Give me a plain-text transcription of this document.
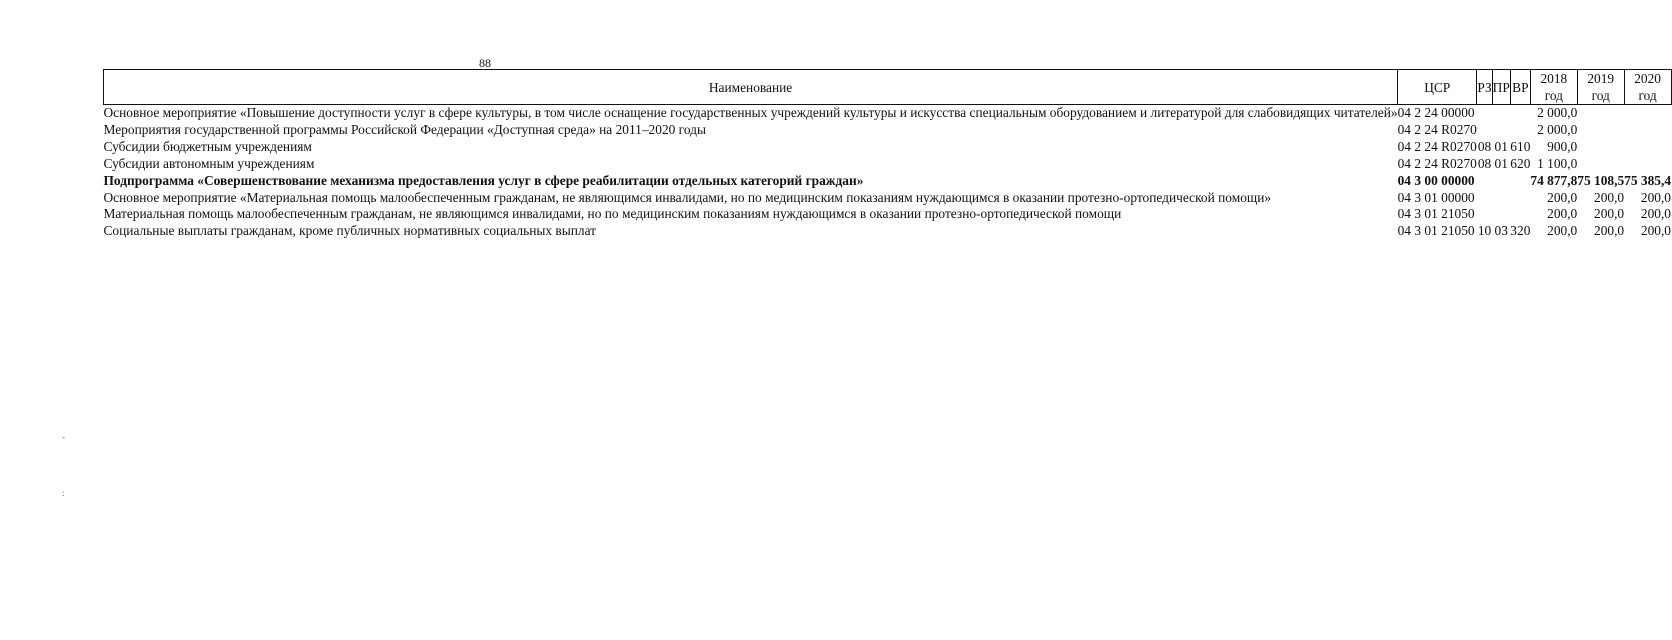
88
Наименование	ЦСР	РЗ	ПР	ВР	2018 год	2019 год	2020 год
Основное мероприятие «Повышение доступности услуг в сфере культуры, в том числе оснащение государственных учреждений культуры и искусства специальным оборудованием и литературой для слабовидящих читателей»	04 2 24 00000				2 000,0		
Мероприятия государственной программы Российской Федерации «Доступная среда» на 2011–2020 годы	04 2 24 R0270				2 000,0		
Субсидии бюджетным учреждениям	04 2 24 R0270	08	01	610	900,0		
Субсидии автономным учреждениям	04 2 24 R0270	08	01	620	1 100,0		
Подпрограмма «Совершенствование механизма предоставления услуг в сфере реабилитации отдельных категорий граждан»	04 3 00 00000				74 877,8	75 108,5	75 385,4
Основное мероприятие «Материальная помощь малообеспеченным гражданам, не являющимся инвалидами, но по медицинским показаниям нуждающимся в оказании протезно-ортопедической помощи»	04 3 01 00000				200,0	200,0	200,0
Материальная помощь малообеспеченным гражданам, не являющимся инвалидами, но по медицинским показаниям нуждающимся в оказании протезно-ортопедической помощи	04 3 01 21050				200,0	200,0	200,0
Социальные выплаты гражданам, кроме публичных нормативных социальных выплат	04 3 01 21050	10	03	320	200,0	200,0	200,0
-
:
